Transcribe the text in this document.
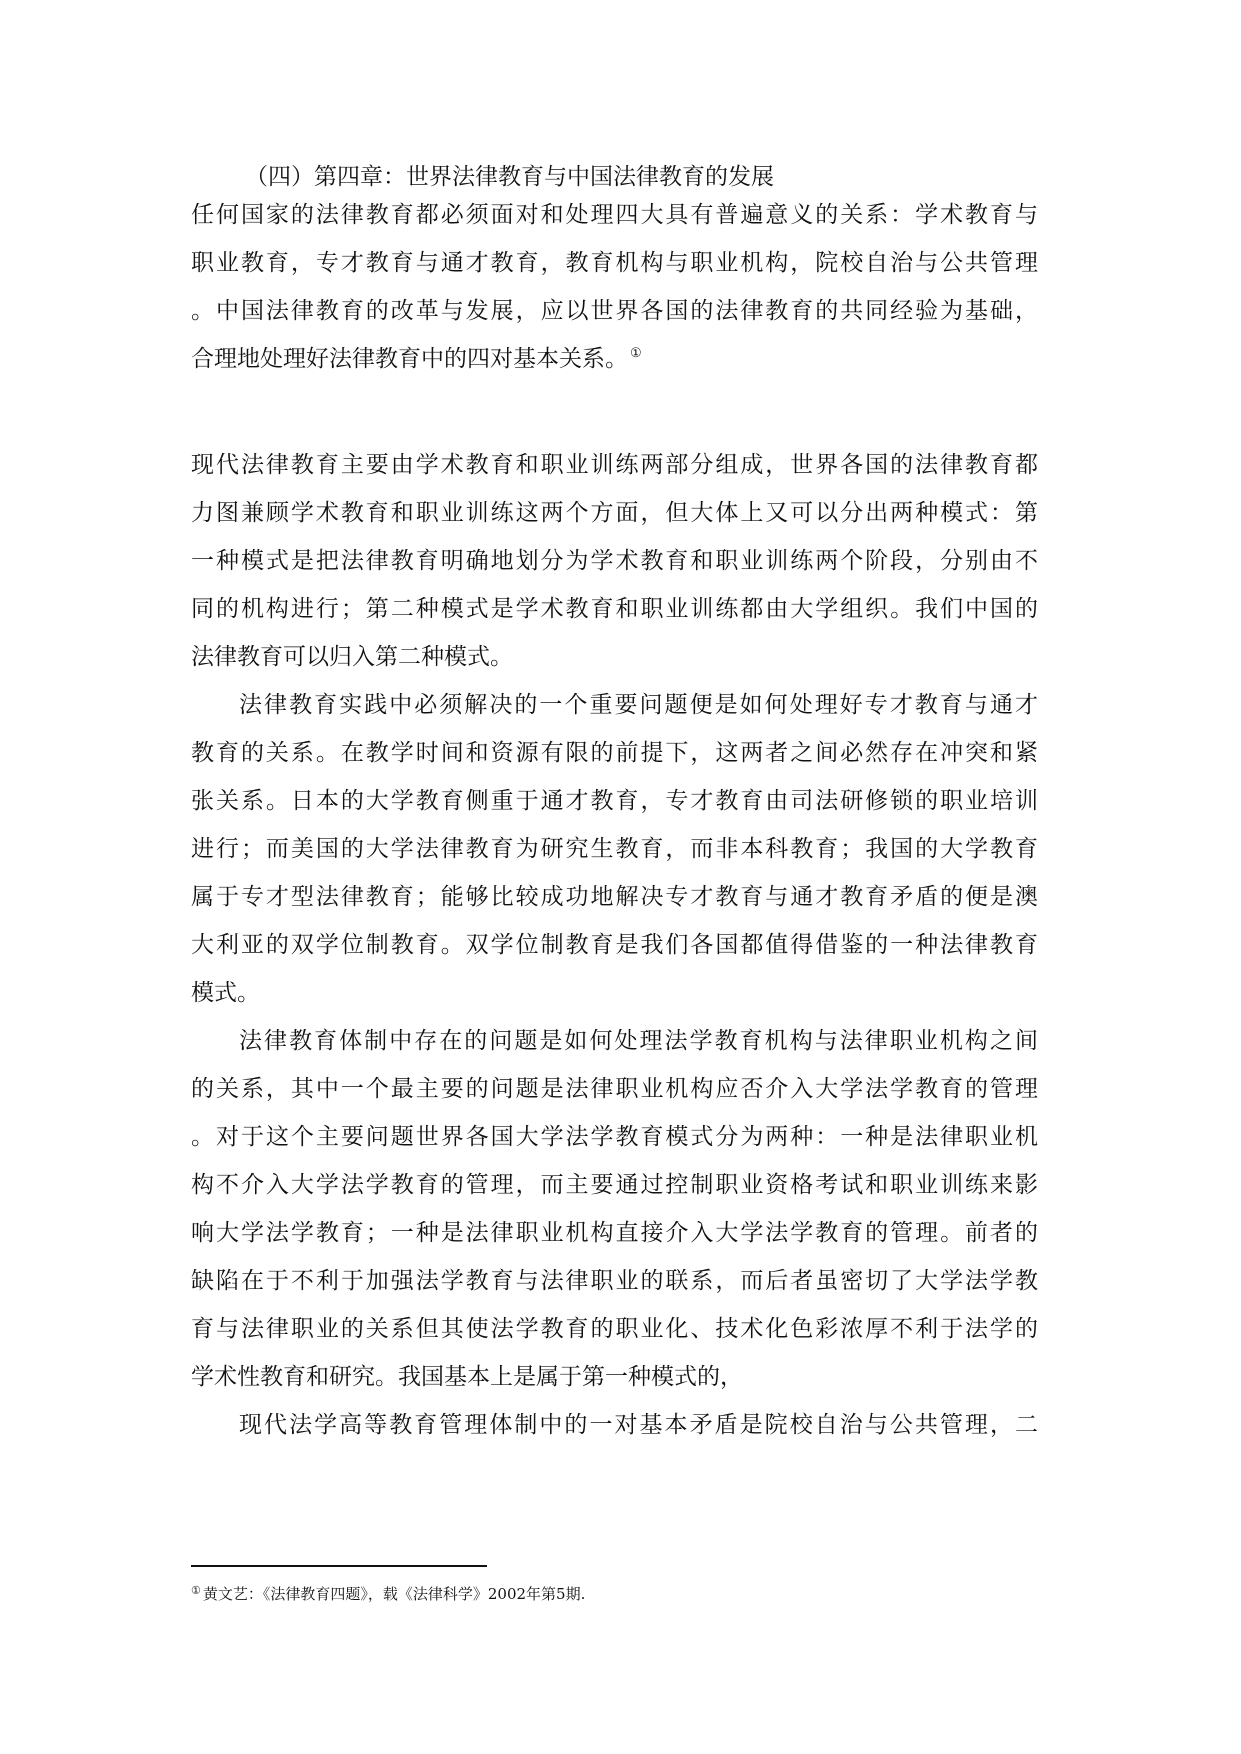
（四）第四章：世界法律教育与中国法律教育的发展
任何国家的法律教育都必须面对和处理四大具有普遍意义的关系：学术教育与
职业教育，专才教育与通才教育，教育机构与职业机构，院校自治与公共管理
。中国法律教育的改革与发展，应以世界各国的法律教育的共同经验为基础，
合理地处理好法律教育中的四对基本关系。 ①
现代法律教育主要由学术教育和职业训练两部分组成，世界各国的法律教育都
力图兼顾学术教育和职业训练这两个方面，但大体上又可以分出两种模式：第
一种模式是把法律教育明确地划分为学术教育和职业训练两个阶段，分别由不
同的机构进行；第二种模式是学术教育和职业训练都由大学组织。我们中国的
法律教育可以归入第二种模式。
法律教育实践中必须解决的一个重要问题便是如何处理好专才教育与通才
教育的关系。在教学时间和资源有限的前提下，这两者之间必然存在冲突和紧
张关系。日本的大学教育侧重于通才教育，专才教育由司法研修锁的职业培训
进行；而美国的大学法律教育为研究生教育，而非本科教育；我国的大学教育
属于专才型法律教育；能够比较成功地解决专才教育与通才教育矛盾的便是澳
大利亚的双学位制教育。双学位制教育是我们各国都值得借鉴的一种法律教育
模式。
法律教育体制中存在的问题是如何处理法学教育机构与法律职业机构之间
的关系，其中一个最主要的问题是法律职业机构应否介入大学法学教育的管理
。对于这个主要问题世界各国大学法学教育模式分为两种：一种是法律职业机
构不介入大学法学教育的管理，而主要通过控制职业资格考试和职业训练来影
响大学法学教育；一种是法律职业机构直接介入大学法学教育的管理。前者的
缺陷在于不利于加强法学教育与法律职业的联系，而后者虽密切了大学法学教
育与法律职业的关系但其使法学教育的职业化、技术化色彩浓厚不利于法学的
学术性教育和研究。我国基本上是属于第一种模式的，
现代法学高等教育管理体制中的一对基本矛盾是院校自治与公共管理，二
① 黄文艺：《法律教育四题》，载《法律科学》2002年第5期.
